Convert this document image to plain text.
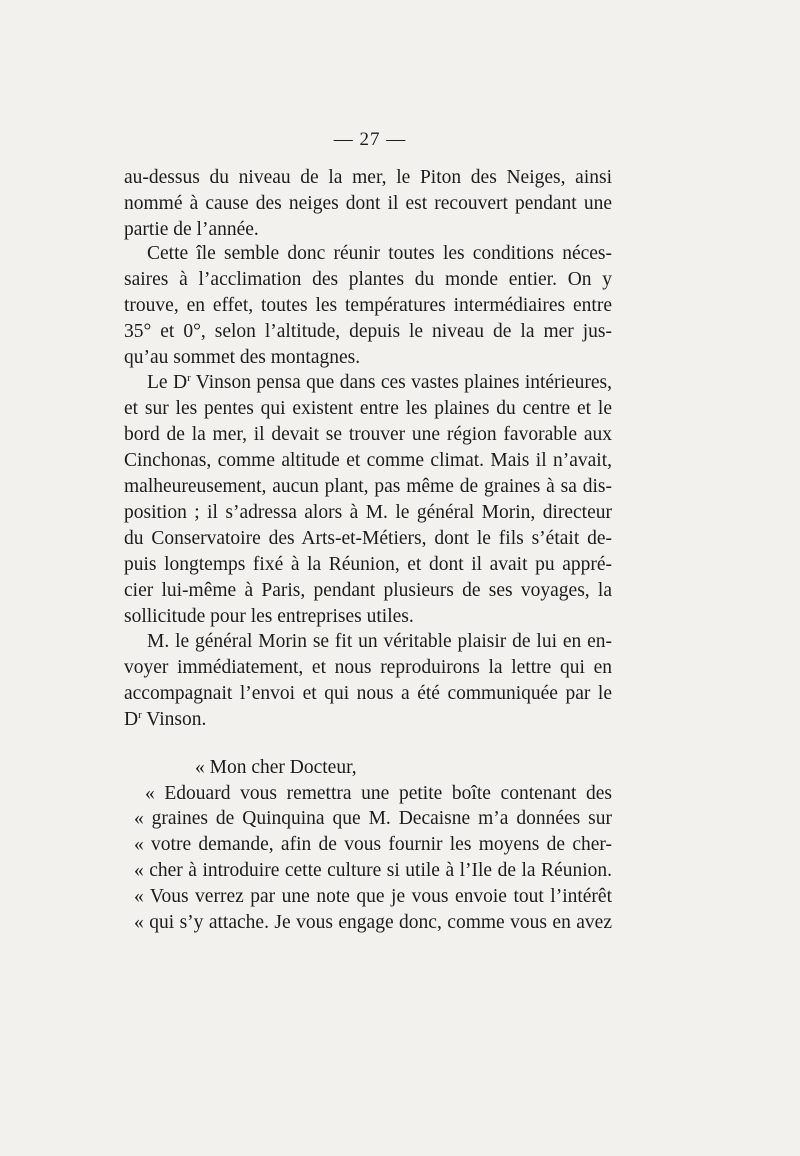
— 27 —
au-dessus du niveau de la mer, le Piton des Neiges, ainsi
nommé à cause des neiges dont il est recouvert pendant une
partie de l’année.
Cette île semble donc réunir toutes les conditions néces-
saires à l’acclimation des plantes du monde entier. On y
trouve, en effet, toutes les températures intermédiaires entre
35° et 0°, selon l’altitude, depuis le niveau de la mer jus-
qu’au sommet des montagnes.
Le $D^r$ Vinson pensa que dans ces vastes plaines intérieures,
et sur les pentes qui existent entre les plaines du centre et le
bord de la mer, il devait se trouver une région favorable aux
Cinchonas, comme altitude et comme climat. Mais il n’avait,
malheureusement, aucun plant, pas même de graines à sa dis-
position ; il s’adressa alors à M. le général Morin, directeur
du Conservatoire des Arts-et-Métiers, dont le fils s’était de-
puis longtemps fixé à la Réunion, et dont il avait pu appré-
cier lui-même à Paris, pendant plusieurs de ses voyages, la
sollicitude pour les entreprises utiles.
M. le général Morin se fit un véritable plaisir de lui en en-
voyer immédiatement, et nous reproduirons la lettre qui en
accompagnait l’envoi et qui nous a été communiquée par le
$D^r$ Vinson.
« Mon cher Docteur,
« Edouard vous remettra une petite boîte contenant des
« graines de Quinquina que M. Decaisne m’a données sur
« votre demande, afin de vous fournir les moyens de cher-
« cher à introduire cette culture si utile à l’Ile de la Réunion.
« Vous verrez par une note que je vous envoie tout l’intérêt
« qui s’y attache. Je vous engage donc, comme vous en avez
